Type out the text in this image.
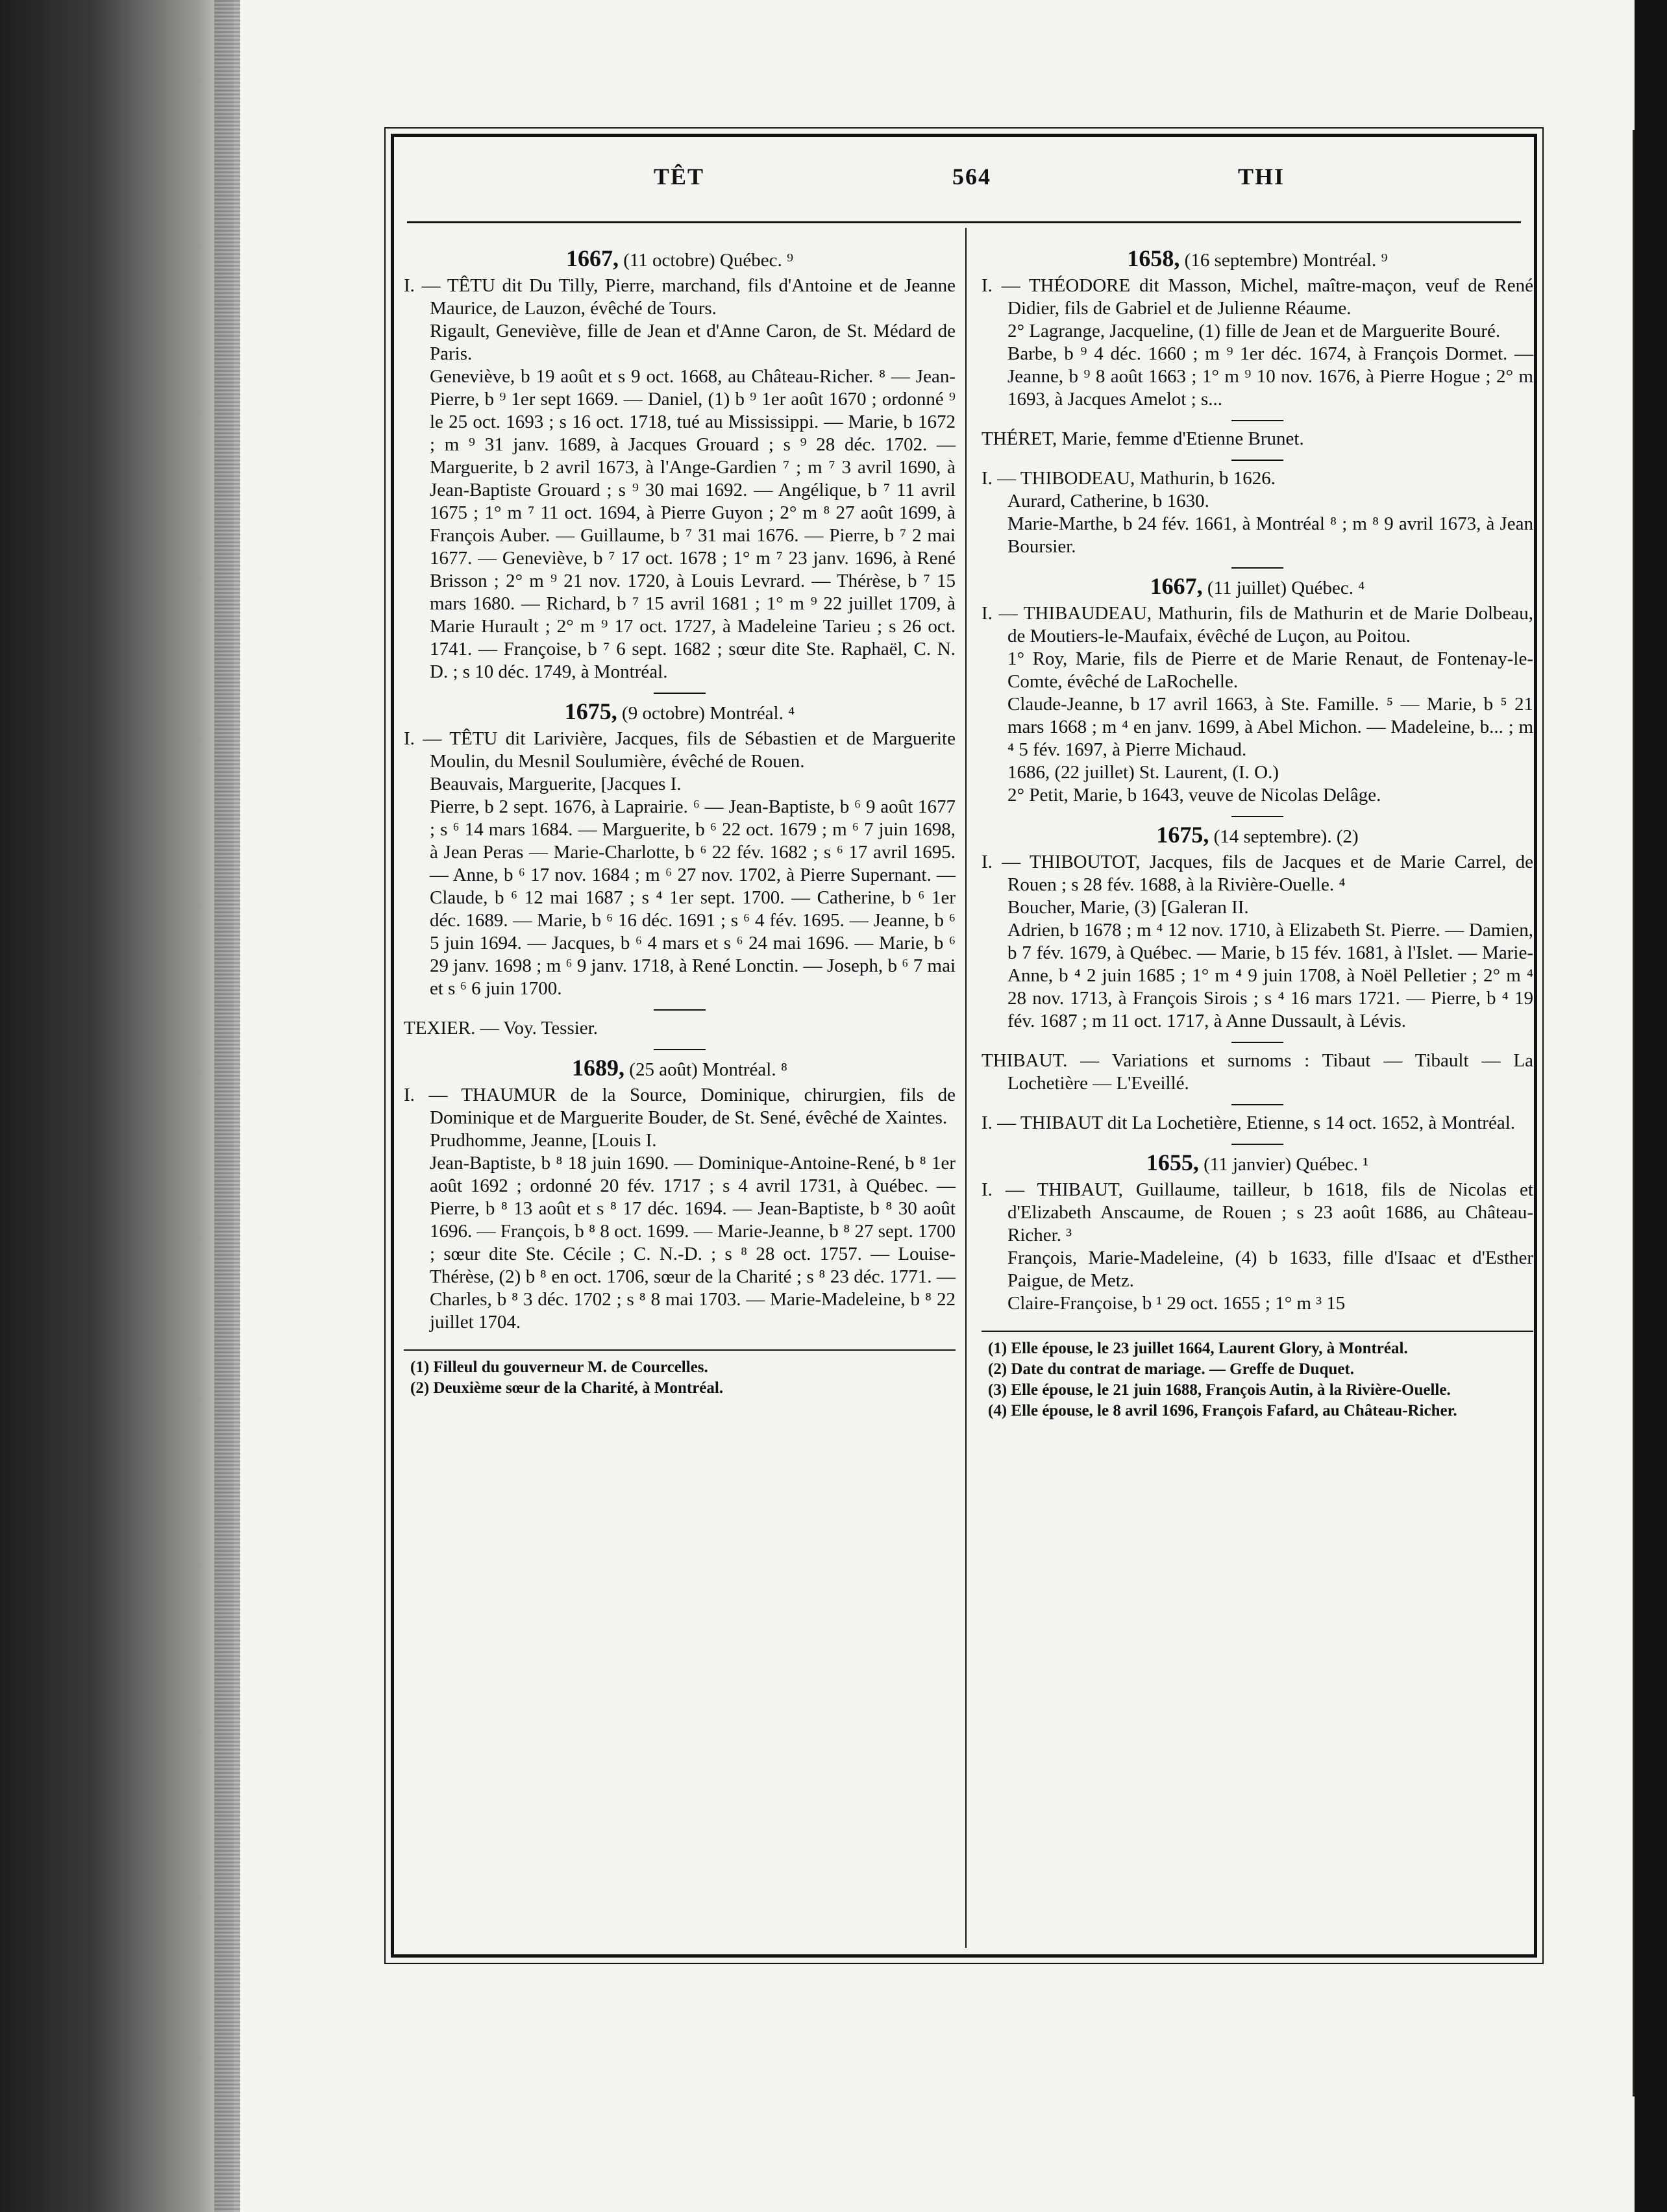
TÊT	564	THI
1667, (11 octobre) Québec. ⁹

I. — TÊTU dit Du Tilly, Pierre, marchand, fils d'Antoine et de Jeanne Maurice, de Lauzon, évêché de Tours.

Rigault, Geneviève, fille de Jean et d'Anne Caron, de St. Médard de Paris.

Geneviève, b 19 août et s 9 oct. 1668, au Château-Richer. ⁸ — Jean-Pierre, b ⁹ 1er sept 1669. — Daniel, (1) b ⁹ 1er août 1670 ; ordonné ⁹ le 25 oct. 1693 ; s 16 oct. 1718, tué au Mississippi. — Marie, b 1672 ; m ⁹ 31 janv. 1689, à Jacques Grouard ; s ⁹ 28 déc. 1702. — Marguerite, b 2 avril 1673, à l'Ange-Gardien ⁷ ; m ⁷ 3 avril 1690, à Jean-Baptiste Grouard ; s ⁹ 30 mai 1692. — Angélique, b ⁷ 11 avril 1675 ; 1° m ⁷ 11 oct. 1694, à Pierre Guyon ; 2° m ⁸ 27 août 1699, à François Auber. — Guillaume, b ⁷ 31 mai 1676. — Pierre, b ⁷ 2 mai 1677. — Geneviève, b ⁷ 17 oct. 1678 ; 1° m ⁷ 23 janv. 1696, à René Brisson ; 2° m ⁹ 21 nov. 1720, à Louis Levrard. — Thérèse, b ⁷ 15 mars 1680. — Richard, b ⁷ 15 avril 1681 ; 1° m ⁹ 22 juillet 1709, à Marie Hurault ; 2° m ⁹ 17 oct. 1727, à Madeleine Tarieu ; s 26 oct. 1741. — Françoise, b ⁷ 6 sept. 1682 ; sœur dite Ste. Raphaël, C. N. D. ; s 10 déc. 1749, à Montréal.

1675, (9 octobre) Montréal. ⁴

I. — TÊTU dit Larivière, Jacques, fils de Sébastien et de Marguerite Moulin, du Mesnil Soulumière, évêché de Rouen.

Beauvais, Marguerite, [Jacques I.

Pierre, b 2 sept. 1676, à Laprairie. ⁶ — Jean-Baptiste, b ⁶ 9 août 1677 ; s ⁶ 14 mars 1684. — Marguerite, b ⁶ 22 oct. 1679 ; m ⁶ 7 juin 1698, à Jean Peras — Marie-Charlotte, b ⁶ 22 fév. 1682 ; s ⁶ 17 avril 1695. — Anne, b ⁶ 17 nov. 1684 ; m ⁶ 27 nov. 1702, à Pierre Supernant. — Claude, b ⁶ 12 mai 1687 ; s ⁴ 1er sept. 1700. — Catherine, b ⁶ 1er déc. 1689. — Marie, b ⁶ 16 déc. 1691 ; s ⁶ 4 fév. 1695. — Jeanne, b ⁶ 5 juin 1694. — Jacques, b ⁶ 4 mars et s ⁶ 24 mai 1696. — Marie, b ⁶ 29 janv. 1698 ; m ⁶ 9 janv. 1718, à René Lonctin. — Joseph, b ⁶ 7 mai et s ⁶ 6 juin 1700.

TEXIER. — Voy. Tessier.

1689, (25 août) Montréal. ⁸

I. — THAUMUR de la Source, Dominique, chirurgien, fils de Dominique et de Marguerite Bouder, de St. Sené, évêché de Xaintes.

Prudhomme, Jeanne, [Louis I.

Jean-Baptiste, b ⁸ 18 juin 1690. — Dominique-Antoine-René, b ⁸ 1er août 1692 ; ordonné 20 fév. 1717 ; s 4 avril 1731, à Québec. — Pierre, b ⁸ 13 août et s ⁸ 17 déc. 1694. — Jean-Baptiste, b ⁸ 30 août 1696. — François, b ⁸ 8 oct. 1699. — Marie-Jeanne, b ⁸ 27 sept. 1700 ; sœur dite Ste. Cécile ; C. N.-D. ; s ⁸ 28 oct. 1757. — Louise-Thérèse, (2) b ⁸ en oct. 1706, sœur de la Charité ; s ⁸ 23 déc. 1771. — Charles, b ⁸ 3 déc. 1702 ; s ⁸ 8 mai 1703. — Marie-Madeleine, b ⁸ 22 juillet 1704.

(1) Filleul du gouverneur M. de Courcelles.

(2) Deuxième sœur de la Charité, à Montréal.

1658, (16 septembre) Montréal. ⁹

I. — THÉODORE dit Masson, Michel, maître-maçon, veuf de René Didier, fils de Gabriel et de Julienne Réaume.

2° Lagrange, Jacqueline, (1) fille de Jean et de Marguerite Bouré.

Barbe, b ⁹ 4 déc. 1660 ; m ⁹ 1er déc. 1674, à François Dormet. — Jeanne, b ⁹ 8 août 1663 ; 1° m ⁹ 10 nov. 1676, à Pierre Hogue ; 2° m 1693, à Jacques Amelot ; s...

THÉRET, Marie, femme d'Etienne Brunet.

I. — THIBODEAU, Mathurin, b 1626.

Aurard, Catherine, b 1630.

Marie-Marthe, b 24 fév. 1661, à Montréal ⁸ ; m ⁸ 9 avril 1673, à Jean Boursier.

1667, (11 juillet) Québec. ⁴

I. — THIBAUDEAU, Mathurin, fils de Mathurin et de Marie Dolbeau, de Moutiers-le-Maufaix, évêché de Luçon, au Poitou.

1° Roy, Marie, fils de Pierre et de Marie Renaut, de Fontenay-le-Comte, évêché de LaRochelle.

Claude-Jeanne, b 17 avril 1663, à Ste. Famille. ⁵ — Marie, b ⁵ 21 mars 1668 ; m ⁴ en janv. 1699, à Abel Michon. — Madeleine, b... ; m ⁴ 5 fév. 1697, à Pierre Michaud.

1686, (22 juillet) St. Laurent, (I. O.)

2° Petit, Marie, b 1643, veuve de Nicolas Delâge.

1675, (14 septembre). (2)

I. — THIBOUTOT, Jacques, fils de Jacques et de Marie Carrel, de Rouen ; s 28 fév. 1688, à la Rivière-Ouelle. ⁴

Boucher, Marie, (3) [Galeran II.

Adrien, b 1678 ; m ⁴ 12 nov. 1710, à Elizabeth St. Pierre. — Damien, b 7 fév. 1679, à Québec. — Marie, b 15 fév. 1681, à l'Islet. — Marie-Anne, b ⁴ 2 juin 1685 ; 1° m ⁴ 9 juin 1708, à Noël Pelletier ; 2° m ⁴ 28 nov. 1713, à François Sirois ; s ⁴ 16 mars 1721. — Pierre, b ⁴ 19 fév. 1687 ; m 11 oct. 1717, à Anne Dussault, à Lévis.

THIBAUT. — Variations et surnoms : Tibaut — Tibault — La Lochetière — L'Eveillé.

I. — THIBAUT dit La Lochetière, Etienne, s 14 oct. 1652, à Montréal.

1655, (11 janvier) Québec. ¹

I. — THIBAUT, Guillaume, tailleur, b 1618, fils de Nicolas et d'Elizabeth Anscaume, de Rouen ; s 23 août 1686, au Château-Richer. ³

François, Marie-Madeleine, (4) b 1633, fille d'Isaac et d'Esther Paigue, de Metz.

Claire-Françoise, b ¹ 29 oct. 1655 ; 1° m ³ 15

(1) Elle épouse, le 23 juillet 1664, Laurent Glory, à Montréal.

(2) Date du contrat de mariage. — Greffe de Duquet.

(3) Elle épouse, le 21 juin 1688, François Autin, à la Rivière-Ouelle.

(4) Elle épouse, le 8 avril 1696, François Fafard, au Château-Richer.
